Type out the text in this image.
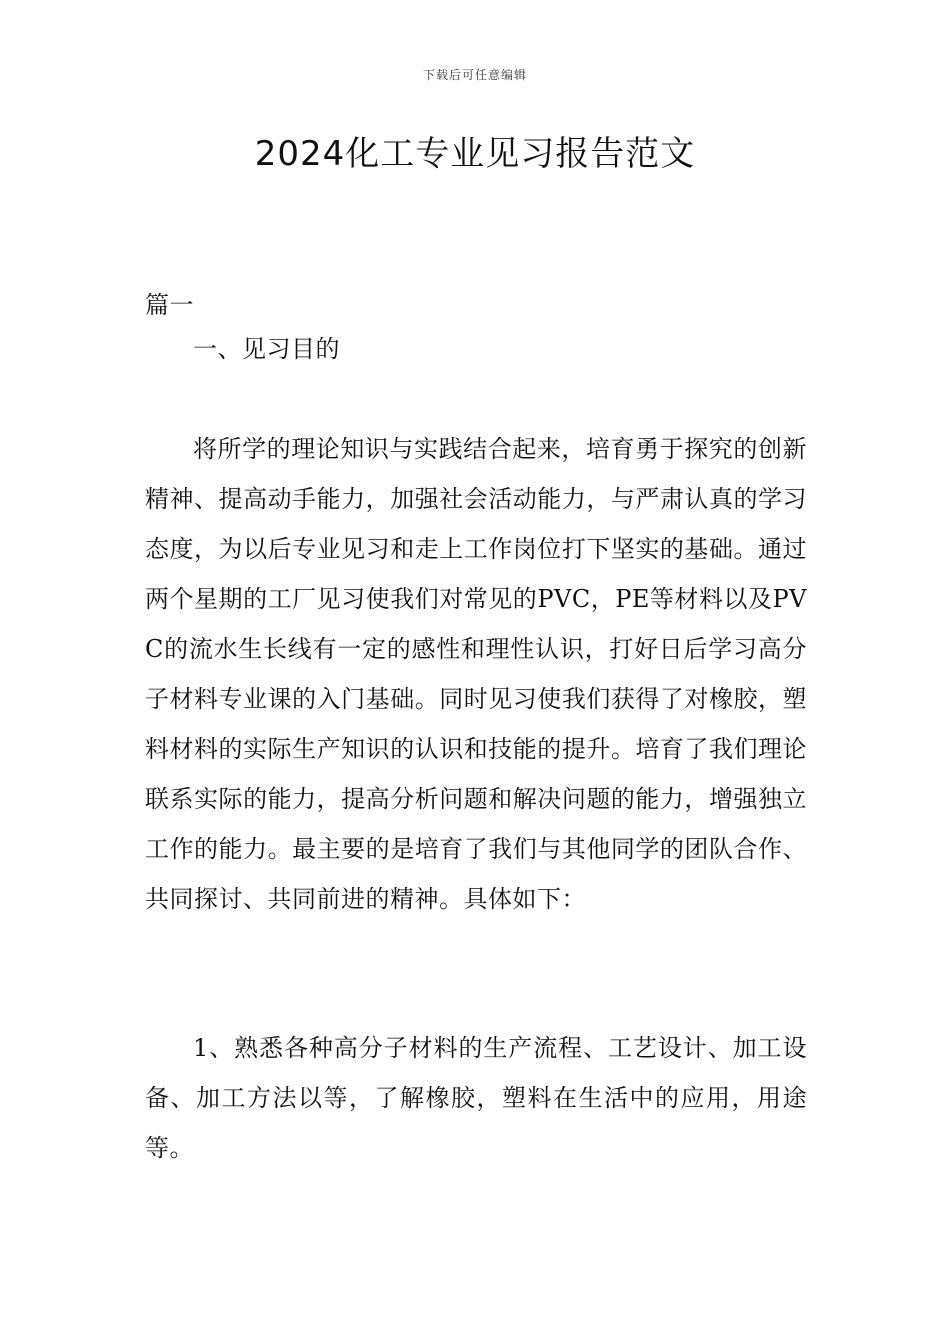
下载后可任意编辑
2024化工专业见习报告范文
篇一
一、见习目的
将所学的理论知识与实践结合起来，培育勇于探究的创新精神、提高动手能力，加强社会活动能力，与严肃认真的学习态度，为以后专业见习和走上工作岗位打下坚实的基础。通过两个星期的工厂见习使我们对常见的PVC，PE等材料以及PVC的流水生长线有一定的感性和理性认识，打好日后学习高分子材料专业课的入门基础。同时见习使我们获得了对橡胶，塑料材料的实际生产知识的认识和技能的提升。培育了我们理论联系实际的能力，提高分析问题和解决问题的能力，增强独立工作的能力。最主要的是培育了我们与其他同学的团队合作、共同探讨、共同前进的精神。具体如下：
1、熟悉各种高分子材料的生产流程、工艺设计、加工设备、加工方法以等，了解橡胶，塑料在生活中的应用，用途等。
